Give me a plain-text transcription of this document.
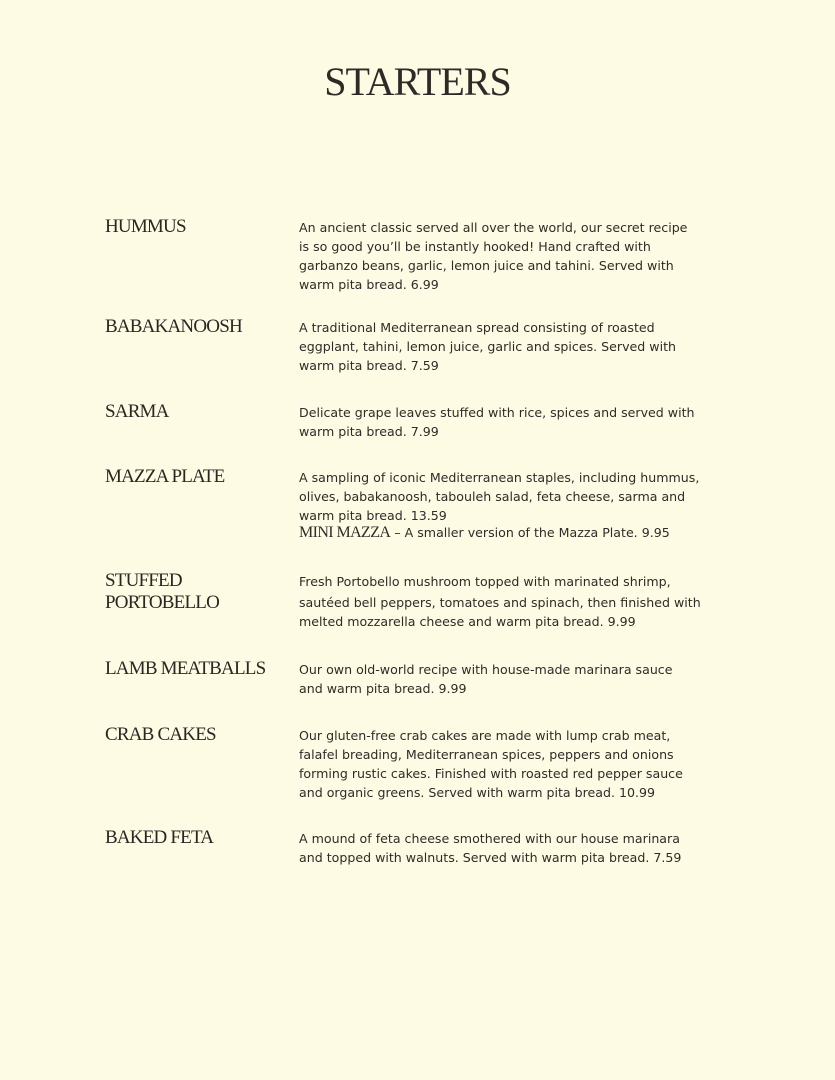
STARTERS
HUMMUS	An ancient classic served all over the world, our secret recipe
is so good you’ll be instantly hooked! Hand crafted with
garbanzo beans, garlic, lemon juice and tahini. Served with
warm pita bread. 6.99
BABAKANOOSH	A traditional Mediterranean spread consisting of roasted
eggplant, tahini, lemon juice, garlic and spices. Served with
warm pita bread. 7.59
SARMA	Delicate grape leaves stuffed with rice, spices and served with
warm pita bread. 7.99
MAZZA PLATE	A sampling of iconic Mediterranean staples, including hummus,
olives, babakanoosh, tabouleh salad, feta cheese, sarma and
warm pita bread. 13.59
MINI MAZZA – A smaller version of the Mazza Plate. 9.95
STUFFED
PORTOBELLO
Fresh Portobello mushroom topped with marinated shrimp,
sautéed bell peppers, tomatoes and spinach, then finished with
melted mozzarella cheese and warm pita bread. 9.99
LAMB MEATBALLS	Our own old-world recipe with house-made marinara sauce
and warm pita bread. 9.99
CRAB CAKES	Our gluten-free crab cakes are made with lump crab meat,
falafel breading, Mediterranean spices, peppers and onions
forming rustic cakes. Finished with roasted red pepper sauce
and organic greens. Served with warm pita bread. 10.99
BAKED FETA	A mound of feta cheese smothered with our house marinara
and topped with walnuts. Served with warm pita bread. 7.59
